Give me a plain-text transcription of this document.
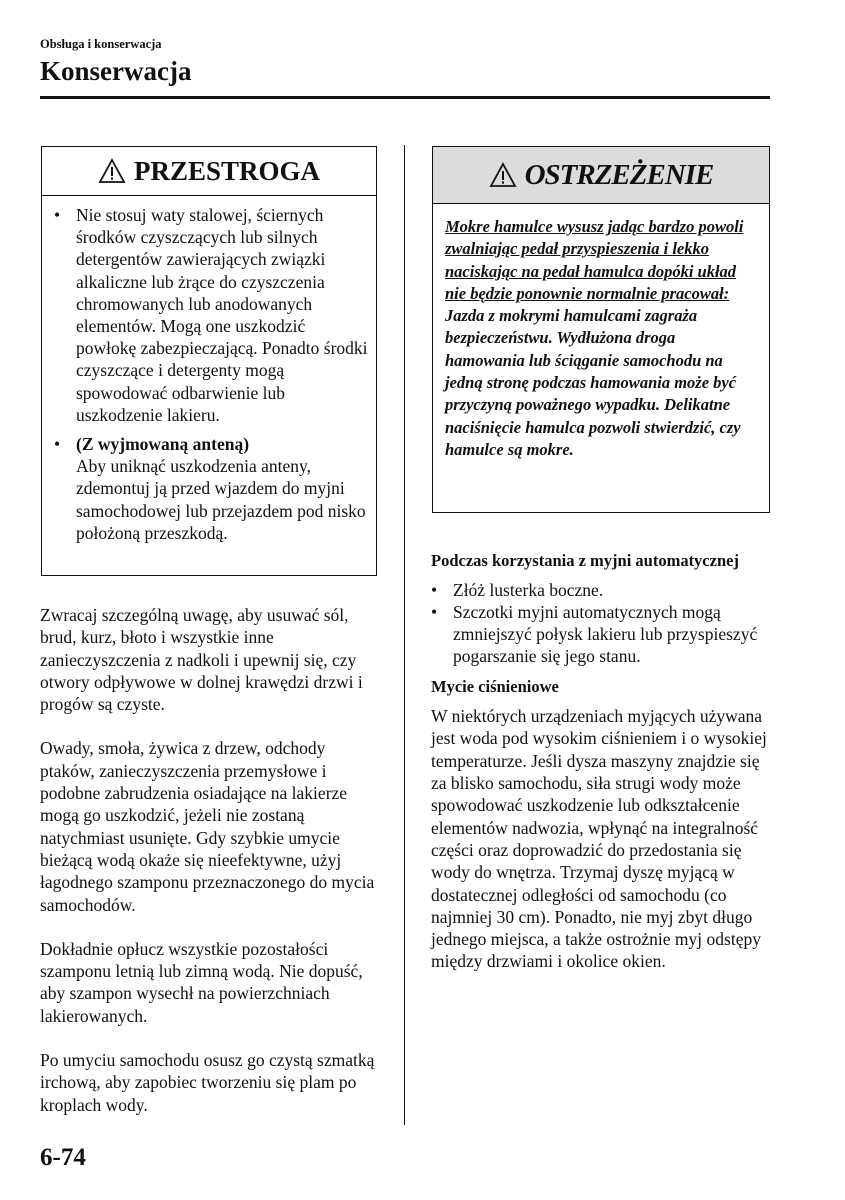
Obsługa i konserwacja
Konserwacja
PRZESTROGA
• Nie stosuj waty stalowej, ściernych środków czyszczących lub silnych detergentów zawierających związki alkaliczne lub żrące do czyszczenia chromowanych lub anodowanych elementów. Mogą one uszkodzić powłokę zabezpieczającą. Ponadto środki czyszczące i detergenty mogą spowodować odbarwienie lub uszkodzenie lakieru.
• (Z wyjmowaną anteną)
Aby uniknąć uszkodzenia anteny, zdemontuj ją przed wjazdem do myjni samochodowej lub przejazdem pod nisko położoną przeszkodą.
OSTRZEŻENIE
Mokre hamulce wysusz jadąc bardzo powoli zwalniając pedał przyspieszenia i lekko naciskając na pedał hamulca dopóki układ nie będzie ponownie normalnie pracował:
Jazda z mokrymi hamulcami zagraża bezpieczeństwu. Wydłużona droga hamowania lub ściąganie samochodu na jedną stronę podczas hamowania może być przyczyną poważnego wypadku. Delikatne naciśnięcie hamulca pozwoli stwierdzić, czy hamulce są mokre.

Zwracaj szczególną uwagę, aby usuwać sól, brud, kurz, błoto i wszystkie inne zanieczyszczenia z nadkoli i upewnij się, czy otwory odpływowe w dolnej krawędzi drzwi i progów są czyste.

Owady, smoła, żywica z drzew, odchody ptaków, zanieczyszczenia przemysłowe i podobne zabrudzenia osiadające na lakierze mogą go uszkodzić, jeżeli nie zostaną natychmiast usunięte. Gdy szybkie umycie bieżącą wodą okaże się nieefektywne, użyj łagodnego szamponu przeznaczonego do mycia samochodów.

Dokładnie opłucz wszystkie pozostałości szamponu letnią lub zimną wodą. Nie dopuść, aby szampon wysechł na powierzchniach lakierowanych.

Po umyciu samochodu osusz go czystą szmatką irchową, aby zapobiec tworzeniu się plam po kroplach wody.

Podczas korzystania z myjni automatycznej
• Złóż lusterka boczne.
• Szczotki myjni automatycznych mogą zmniejszyć połysk lakieru lub przyspieszyć pogarszanie się jego stanu.
Mycie ciśnieniowe

W niektórych urządzeniach myjących używana jest woda pod wysokim ciśnieniem i o wysokiej temperaturze. Jeśli dysza maszyny znajdzie się za blisko samochodu, siła strugi wody może spowodować uszkodzenie lub odkształcenie elementów nadwozia, wpłynąć na integralność części oraz doprowadzić do przedostania się wody do wnętrza. Trzymaj dyszę myjącą w dostatecznej odległości od samochodu (co najmniej 30 cm). Ponadto, nie myj zbyt długo jednego miejsca, a także ostrożnie myj odstępy między drzwiami i okolice okien.

6-74
